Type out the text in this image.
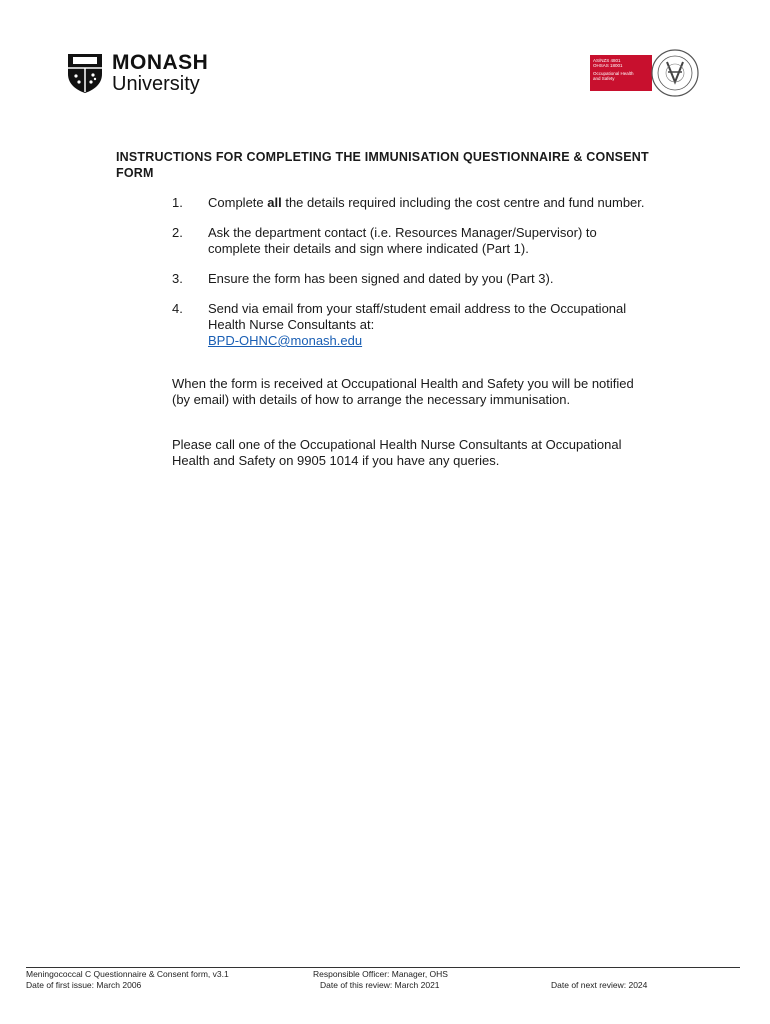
MONASH
University
AS/NZS 4801
OHSAS 18001
Occupational Health
and Safety
INSTRUCTIONS FOR COMPLETING THE IMMUNISATION QUESTIONNAIRE & CONSENT FORM
1.	Complete all the details required including the cost centre and fund number.
2.	Ask the department contact (i.e. Resources Manager/Supervisor) to complete their details and sign where indicated (Part 1).
3.	Ensure the form has been signed and dated by you (Part 3).
4.	Send via email from your staff/student email address to the Occupational Health Nurse Consultants at:
BPD-OHNC@monash.edu
When the form is received at Occupational Health and Safety you will be notified (by email) with details of how to arrange the necessary immunisation.
Please call one of the Occupational Health Nurse Consultants at Occupational Health and Safety on 9905 1014 if you have any queries.
Meningococcal C Questionnaire & Consent form, v3.1
Date of first issue: March 2006
Responsible Officer: Manager, OHS
Date of this review: March 2021	Date of next review: 2024
